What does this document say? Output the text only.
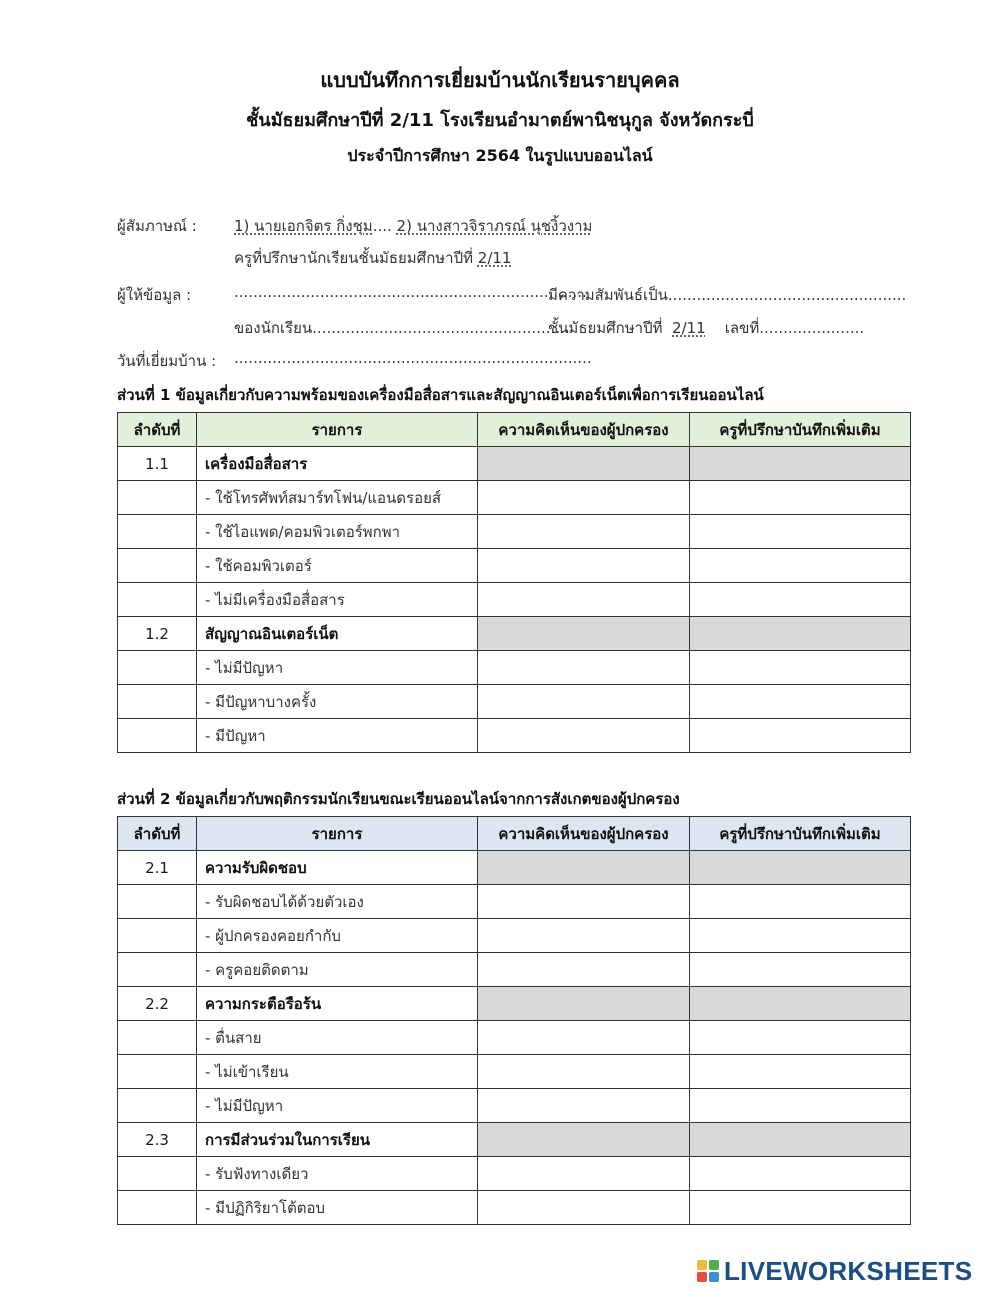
แบบบันทึกการเยี่ยมบ้านนักเรียนรายบุคคล
ชั้นมัธยมศึกษาปีที่ 2/11 โรงเรียนอำมาตย์พานิชนุกูล จังหวัดกระบี่
ประจำปีการศึกษา 2564 ในรูปแบบออนไลน์
ผู้สัมภาษณ์ : 1) นายเอกจิตร กิ่งชุม.... 2) นางสาวจิราภรณ์ นุชงิ้วงาม
ครูที่ปรึกษานักเรียนชั้นมัธยมศึกษาปีที่ 2/11
ผู้ให้ข้อมูล :	..........................................................................
มีความสัมพันธ์เป็น..................................................
ของนักเรียน......................................................
ชั้นมัธยมศึกษาปีที่ 2/11 เลขที่......................
วันที่เยี่ยมบ้าน : ...........................................................................
ส่วนที่ 1 ข้อมูลเกี่ยวกับความพร้อมของเครื่องมือสื่อสารและสัญญาณอินเตอร์เน็ตเพื่อการเรียนออนไลน์
ลำดับที่	รายการ	ความคิดเห็นของผู้ปกครอง	ครูที่ปรึกษาบันทึกเพิ่มเติม
1.1	เครื่องมือสื่อสาร		
	- ใช้โทรศัพท์สมาร์ทโฟน/แอนดรอยส์		
	- ใช้ไอแพด/คอมพิวเตอร์พกพา		
	- ใช้คอมพิวเตอร์		
	- ไม่มีเครื่องมือสื่อสาร		
1.2	สัญญาณอินเตอร์เน็ต		
	- ไม่มีปัญหา		
	- มีปัญหาบางครั้ง		
	- มีปัญหา		
ส่วนที่ 2 ข้อมูลเกี่ยวกับพฤติกรรมนักเรียนขณะเรียนออนไลน์จากการสังเกตของผู้ปกครอง
ลำดับที่	รายการ	ความคิดเห็นของผู้ปกครอง	ครูที่ปรึกษาบันทึกเพิ่มเติม
2.1	ความรับผิดชอบ		
	- รับผิดชอบได้ด้วยตัวเอง		
	- ผู้ปกครองคอยกำกับ		
	- ครูคอยติดตาม		
2.2	ความกระตือรือร้น		
	- ตื่นสาย		
	- ไม่เข้าเรียน		
	- ไม่มีปัญหา		
2.3	การมีส่วนร่วมในการเรียน		
	- รับฟังทางเดียว		
	- มีปฏิกิริยาโต้ตอบ		
LIVEWORKSHEETS
